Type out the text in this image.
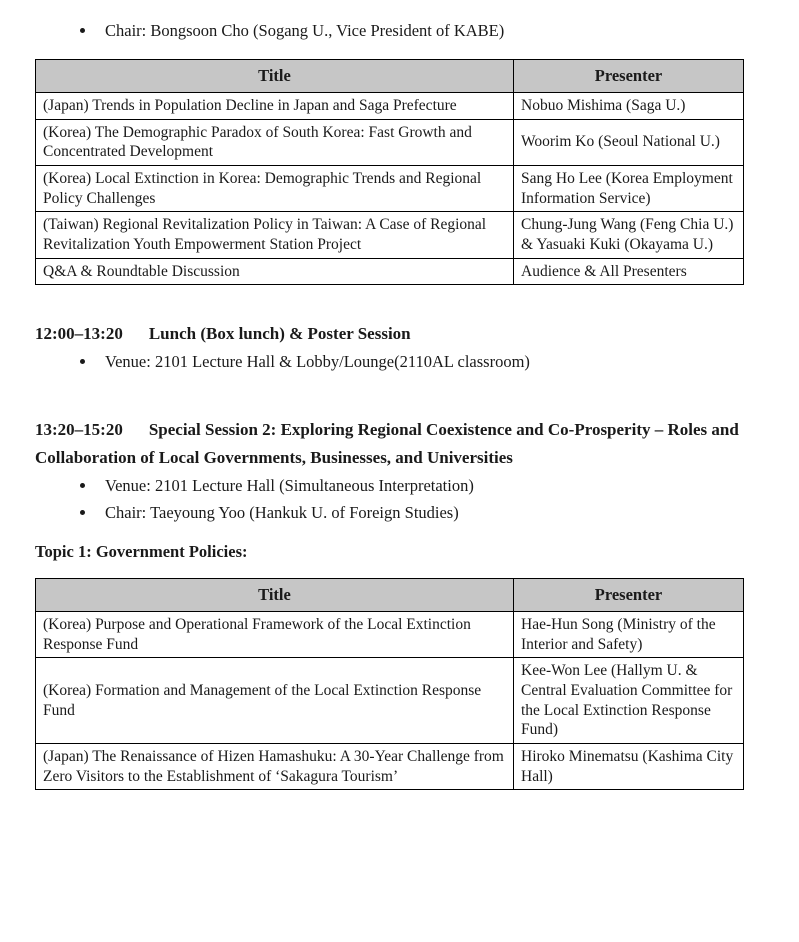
• Chair: Bongsoon Cho (Sogang U., Vice President of KABE)
Title	Presenter
(Japan) Trends in Population Decline in Japan and Saga Prefecture	Nobuo Mishima (Saga U.)
(Korea) The Demographic Paradox of South Korea: Fast Growth and Concentrated Development	Woorim Ko (Seoul National U.)
(Korea) Local Extinction in Korea: Demographic Trends and Regional Policy Challenges	Sang Ho Lee (Korea Employment Information Service)
(Taiwan) Regional Revitalization Policy in Taiwan: A Case of Regional Revitalization Youth Empowerment Station Project	Chung-Jung Wang (Feng Chia U.) & Yasuaki Kuki (Okayama U.)
Q&A & Roundtable Discussion	Audience & All Presenters

12:00–13:20 Lunch (Box lunch) & Poster Session

• Venue: 2101 Lecture Hall & Lobby/Lounge(2110AL classroom)

13:20–15:20 Special Session 2: Exploring Regional Coexistence and Co-Prosperity – Roles and Collaboration of Local Governments, Businesses, and Universities

• Venue: 2101 Lecture Hall (Simultaneous Interpretation)
• Chair: Taeyoung Yoo (Hankuk U. of Foreign Studies)

Topic 1: Government Policies:

Title	Presenter
(Korea) Purpose and Operational Framework of the Local Extinction Response Fund	Hae-Hun Song (Ministry of the Interior and Safety)
(Korea) Formation and Management of the Local Extinction Response Fund	Kee-Won Lee (Hallym U. & Central Evaluation Committee for the Local Extinction Response Fund)
(Japan) The Renaissance of Hizen Hamashuku: A 30-Year Challenge from Zero Visitors to the Establishment of ‘Sakagura Tourism’	Hiroko Minematsu (Kashima City Hall)
